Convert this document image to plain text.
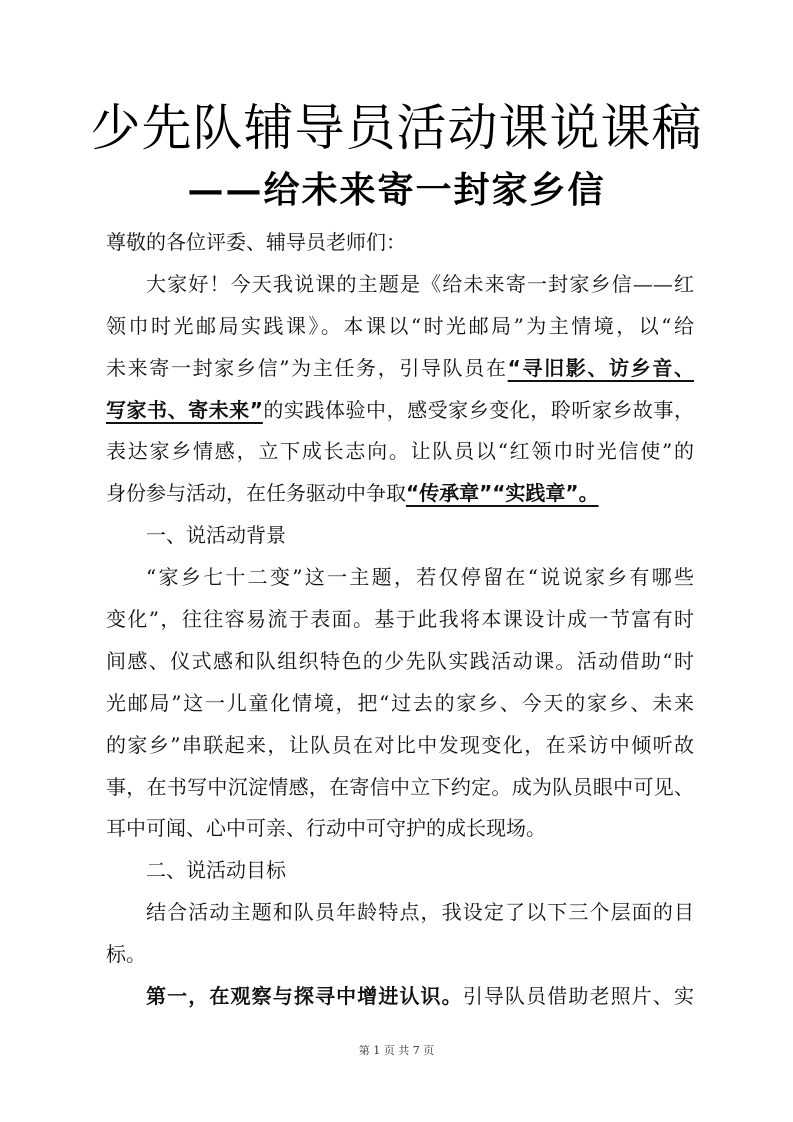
少先队辅导员活动课说课稿
——给未来寄一封家乡信
尊敬的各位评委、辅导员老师们：
大家好！今天我说课的主题是《给未来寄一封家乡信——红
领巾时光邮局实践课》。本课以“时光邮局”为主情境，以“给
未来寄一封家乡信”为主任务，引导队员在“寻旧影、访乡音、
写家书、寄未来”的实践体验中，感受家乡变化，聆听家乡故事，
表达家乡情感，立下成长志向。让队员以“红领巾时光信使”的
身份参与活动，在任务驱动中争取“传承章”“实践章”。
一、说活动背景
“家乡七十二变”这一主题，若仅停留在“说说家乡有哪些
变化”，往往容易流于表面。基于此我将本课设计成一节富有时
间感、仪式感和队组织特色的少先队实践活动课。活动借助“时
光邮局”这一儿童化情境，把“过去的家乡、今天的家乡、未来
的家乡”串联起来，让队员在对比中发现变化，在采访中倾听故
事，在书写中沉淀情感，在寄信中立下约定。成为队员眼中可见、
耳中可闻、心中可亲、行动中可守护的成长现场。
二、说活动目标
结合活动主题和队员年龄特点，我设定了以下三个层面的目
标。
第一，在观察与探寻中增进认识。引导队员借助老照片、实
第 1 页 共 7 页
